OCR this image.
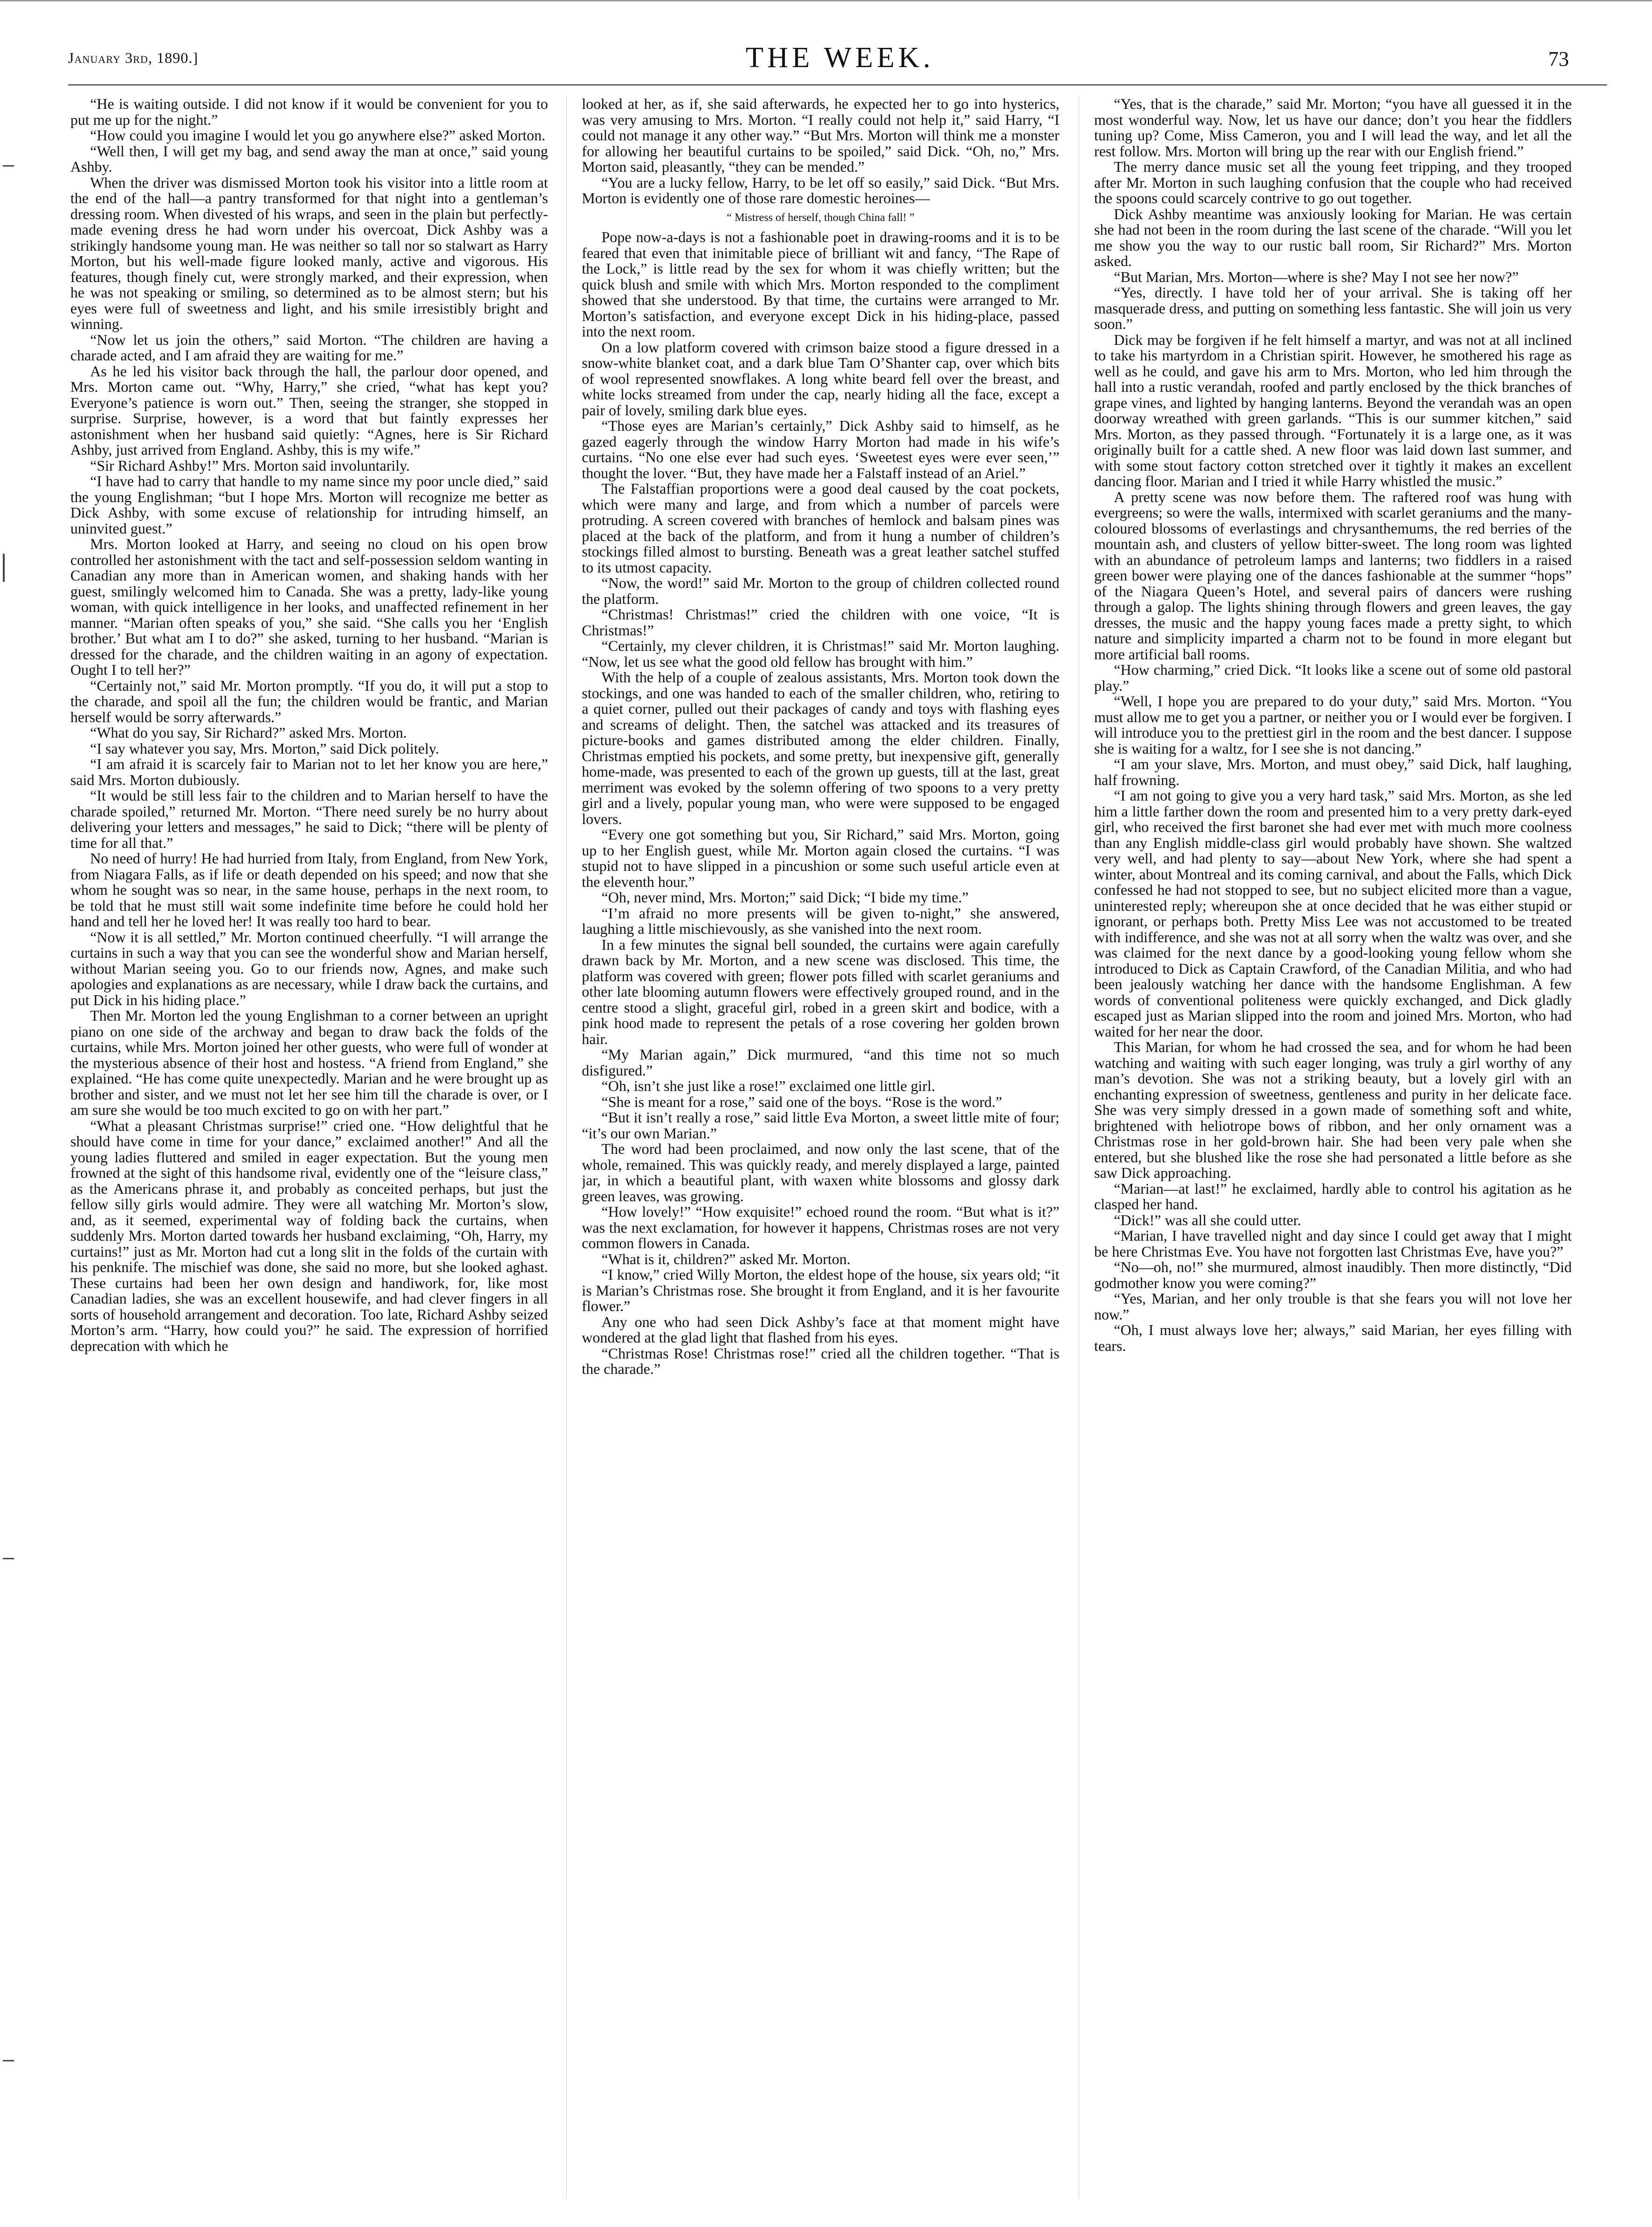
January 3rd, 1890.]	THE WEEK.	73

“He is waiting outside. I did not know if it would be convenient for you to put me up for the night.”

“How could you imagine I would let you go anywhere else?” asked Morton.

“Well then, I will get my bag, and send away the man at once,” said young Ashby.

When the driver was dismissed Morton took his visitor into a little room at the end of the hall—a pantry transformed for that night into a gentleman’s dressing room. When divested of his wraps, and seen in the plain but perfectly-made evening dress he had worn under his overcoat, Dick Ashby was a strikingly handsome young man. He was neither so tall nor so stalwart as Harry Morton, but his well-made figure looked manly, active and vigorous. His features, though finely cut, were strongly marked, and their expression, when he was not speaking or smiling, so determined as to be almost stern; but his eyes were full of sweetness and light, and his smile irresistibly bright and winning.

“Now let us join the others,” said Morton. “The children are having a charade acted, and I am afraid they are waiting for me.”

As he led his visitor back through the hall, the parlour door opened, and Mrs. Morton came out. “Why, Harry,” she cried, “what has kept you? Everyone’s patience is worn out.” Then, seeing the stranger, she stopped in surprise. Surprise, however, is a word that but faintly expresses her astonishment when her husband said quietly: “Agnes, here is Sir Richard Ashby, just arrived from England. Ashby, this is my wife.”

“Sir Richard Ashby!” Mrs. Morton said involuntarily.

“I have had to carry that handle to my name since my poor uncle died,” said the young Englishman; “but I hope Mrs. Morton will recognize me better as Dick Ashby, with some excuse of relationship for intruding himself, an uninvited guest.”

Mrs. Morton looked at Harry, and seeing no cloud on his open brow controlled her astonishment with the tact and self-possession seldom wanting in Canadian any more than in American women, and shaking hands with her guest, smilingly welcomed him to Canada. She was a pretty, lady-like young woman, with quick intelligence in her looks, and unaffected refinement in her manner. “Marian often speaks of you,” she said. “She calls you her ‘English brother.’ But what am I to do?” she asked, turning to her husband. “Marian is dressed for the charade, and the children waiting in an agony of expectation. Ought I to tell her?”

“Certainly not,” said Mr. Morton promptly. “If you do, it will put a stop to the charade, and spoil all the fun; the children would be frantic, and Marian herself would be sorry afterwards.”

“What do you say, Sir Richard?” asked Mrs. Morton.

“I say whatever you say, Mrs. Morton,” said Dick politely.

“I am afraid it is scarcely fair to Marian not to let her know you are here,” said Mrs. Morton dubiously.

“It would be still less fair to the children and to Marian herself to have the charade spoiled,” returned Mr. Morton. “There need surely be no hurry about delivering your letters and messages,” he said to Dick; “there will be plenty of time for all that.”

No need of hurry! He had hurried from Italy, from England, from New York, from Niagara Falls, as if life or death depended on his speed; and now that she whom he sought was so near, in the same house, perhaps in the next room, to be told that he must still wait some indefinite time before he could hold her hand and tell her he loved her! It was really too hard to bear.

“Now it is all settled,” Mr. Morton continued cheerfully. “I will arrange the curtains in such a way that you can see the wonderful show and Marian herself, without Marian seeing you. Go to our friends now, Agnes, and make such apologies and explanations as are necessary, while I draw back the curtains, and put Dick in his hiding place.”

Then Mr. Morton led the young Englishman to a corner between an upright piano on one side of the archway and began to draw back the folds of the curtains, while Mrs. Morton joined her other guests, who were full of wonder at the mysterious absence of their host and hostess. “A friend from England,” she explained. “He has come quite unexpectedly. Marian and he were brought up as brother and sister, and we must not let her see him till the charade is over, or I am sure she would be too much excited to go on with her part.”

“What a pleasant Christmas surprise!” cried one. “How delightful that he should have come in time for your dance,” exclaimed another!” And all the young ladies fluttered and smiled in eager expectation. But the young men frowned at the sight of this handsome rival, evidently one of the “leisure class,” as the Americans phrase it, and probably as conceited perhaps, but just the fellow silly girls would admire. They were all watching Mr. Morton’s slow, and, as it seemed, experimental way of folding back the curtains, when suddenly Mrs. Morton darted towards her husband exclaiming, “Oh, Harry, my curtains!” just as Mr. Morton had cut a long slit in the folds of the curtain with his penknife. The mischief was done, she said no more, but she looked aghast. These curtains had been her own design and handiwork, for, like most Canadian ladies, she was an excellent housewife, and had clever fingers in all sorts of household arrangement and decoration. Too late, Richard Ashby seized Morton’s arm. “Harry, how could you?” he said. The expression of horrified deprecation with which he

looked at her, as if, she said afterwards, he expected her to go into hysterics, was very amusing to Mrs. Morton. “I really could not help it,” said Harry, “I could not manage it any other way.” “But Mrs. Morton will think me a monster for allowing her beautiful curtains to be spoiled,” said Dick. “Oh, no,” Mrs. Morton said, pleasantly, “they can be mended.”

“You are a lucky fellow, Harry, to be let off so easily,” said Dick. “But Mrs. Morton is evidently one of those rare domestic heroines—

“ Mistress of herself, though China fall! ”

Pope now-a-days is not a fashionable poet in drawing-rooms and it is to be feared that even that inimitable piece of brilliant wit and fancy, “The Rape of the Lock,” is little read by the sex for whom it was chiefly written; but the quick blush and smile with which Mrs. Morton responded to the compliment showed that she understood. By that time, the curtains were arranged to Mr. Morton’s satisfaction, and everyone except Dick in his hiding-place, passed into the next room.

On a low platform covered with crimson baize stood a figure dressed in a snow-white blanket coat, and a dark blue Tam O’Shanter cap, over which bits of wool represented snowflakes. A long white beard fell over the breast, and white locks streamed from under the cap, nearly hiding all the face, except a pair of lovely, smiling dark blue eyes.

“Those eyes are Marian’s certainly,” Dick Ashby said to himself, as he gazed eagerly through the window Harry Morton had made in his wife’s curtains. “No one else ever had such eyes. ‘Sweetest eyes were ever seen,’” thought the lover. “But, they have made her a Falstaff instead of an Ariel.”

The Falstaffian proportions were a good deal caused by the coat pockets, which were many and large, and from which a number of parcels were protruding. A screen covered with branches of hemlock and balsam pines was placed at the back of the platform, and from it hung a number of children’s stockings filled almost to bursting. Beneath was a great leather satchel stuffed to its utmost capacity.

“Now, the word!” said Mr. Morton to the group of children collected round the platform.

“Christmas! Christmas!” cried the children with one voice, “It is Christmas!”

“Certainly, my clever children, it is Christmas!” said Mr. Morton laughing. “Now, let us see what the good old fellow has brought with him.”

With the help of a couple of zealous assistants, Mrs. Morton took down the stockings, and one was handed to each of the smaller children, who, retiring to a quiet corner, pulled out their packages of candy and toys with flashing eyes and screams of delight. Then, the satchel was attacked and its treasures of picture-books and games distributed among the elder children. Finally, Christmas emptied his pockets, and some pretty, but inexpensive gift, generally home-made, was presented to each of the grown up guests, till at the last, great merriment was evoked by the solemn offering of two spoons to a very pretty girl and a lively, popular young man, who were were supposed to be engaged lovers.

“Every one got something but you, Sir Richard,” said Mrs. Morton, going up to her English guest, while Mr. Morton again closed the curtains. “I was stupid not to have slipped in a pincushion or some such useful article even at the eleventh hour.”

“Oh, never mind, Mrs. Morton;” said Dick; “I bide my time.”

“I’m afraid no more presents will be given to-night,” she answered, laughing a little mischievously, as she vanished into the next room.

In a few minutes the signal bell sounded, the curtains were again carefully drawn back by Mr. Morton, and a new scene was disclosed. This time, the platform was covered with green; flower pots filled with scarlet geraniums and other late blooming autumn flowers were effectively grouped round, and in the centre stood a slight, graceful girl, robed in a green skirt and bodice, with a pink hood made to represent the petals of a rose covering her golden brown hair.

“My Marian again,” Dick murmured, “and this time not so much disfigured.”

“Oh, isn’t she just like a rose!” exclaimed one little girl.

“She is meant for a rose,” said one of the boys. “Rose is the word.”

“But it isn’t really a rose,” said little Eva Morton, a sweet little mite of four; “it’s our own Marian.”

The word had been proclaimed, and now only the last scene, that of the whole, remained. This was quickly ready, and merely displayed a large, painted jar, in which a beautiful plant, with waxen white blossoms and glossy dark green leaves, was growing.

“How lovely!” “How exquisite!” echoed round the room. “But what is it?” was the next exclamation, for however it happens, Christmas roses are not very common flowers in Canada.

“What is it, children?” asked Mr. Morton.

“I know,” cried Willy Morton, the eldest hope of the house, six years old; “it is Marian’s Christmas rose. She brought it from England, and it is her favourite flower.”

Any one who had seen Dick Ashby’s face at that moment might have wondered at the glad light that flashed from his eyes.

“Christmas Rose! Christmas rose!” cried all the children together. “That is the charade.”

“Yes, that is the charade,” said Mr. Morton; “you have all guessed it in the most wonderful way. Now, let us have our dance; don’t you hear the fiddlers tuning up? Come, Miss Cameron, you and I will lead the way, and let all the rest follow. Mrs. Morton will bring up the rear with our English friend.”

The merry dance music set all the young feet tripping, and they trooped after Mr. Morton in such laughing confusion that the couple who had received the spoons could scarcely contrive to go out together.

Dick Ashby meantime was anxiously looking for Marian. He was certain she had not been in the room during the last scene of the charade. “Will you let me show you the way to our rustic ball room, Sir Richard?” Mrs. Morton asked.

“But Marian, Mrs. Morton—where is she? May I not see her now?”

“Yes, directly. I have told her of your arrival. She is taking off her masquerade dress, and putting on something less fantastic. She will join us very soon.”

Dick may be forgiven if he felt himself a martyr, and was not at all inclined to take his martyrdom in a Christian spirit. However, he smothered his rage as well as he could, and gave his arm to Mrs. Morton, who led him through the hall into a rustic verandah, roofed and partly enclosed by the thick branches of grape vines, and lighted by hanging lanterns. Beyond the verandah was an open doorway wreathed with green garlands. “This is our summer kitchen,” said Mrs. Morton, as they passed through. “Fortunately it is a large one, as it was originally built for a cattle shed. A new floor was laid down last summer, and with some stout factory cotton stretched over it tightly it makes an excellent dancing floor. Marian and I tried it while Harry whistled the music.”

A pretty scene was now before them. The raftered roof was hung with evergreens; so were the walls, intermixed with scarlet geraniums and the many-coloured blossoms of everlastings and chrysanthemums, the red berries of the mountain ash, and clusters of yellow bitter-sweet. The long room was lighted with an abundance of petroleum lamps and lanterns; two fiddlers in a raised green bower were playing one of the dances fashionable at the summer “hops” of the Niagara Queen’s Hotel, and several pairs of dancers were rushing through a galop. The lights shining through flowers and green leaves, the gay dresses, the music and the happy young faces made a pretty sight, to which nature and simplicity imparted a charm not to be found in more elegant but more artificial ball rooms.

“How charming,” cried Dick. “It looks like a scene out of some old pastoral play.”

“Well, I hope you are prepared to do your duty,” said Mrs. Morton. “You must allow me to get you a partner, or neither you or I would ever be forgiven. I will introduce you to the prettiest girl in the room and the best dancer. I suppose she is waiting for a waltz, for I see she is not dancing.”

“I am your slave, Mrs. Morton, and must obey,” said Dick, half laughing, half frowning.

“I am not going to give you a very hard task,” said Mrs. Morton, as she led him a little farther down the room and presented him to a very pretty dark-eyed girl, who received the first baronet she had ever met with much more coolness than any English middle-class girl would probably have shown. She waltzed very well, and had plenty to say—about New York, where she had spent a winter, about Montreal and its coming carnival, and about the Falls, which Dick confessed he had not stopped to see, but no subject elicited more than a vague, uninterested reply; whereupon she at once decided that he was either stupid or ignorant, or perhaps both. Pretty Miss Lee was not accustomed to be treated with indifference, and she was not at all sorry when the waltz was over, and she was claimed for the next dance by a good-looking young fellow whom she introduced to Dick as Captain Crawford, of the Canadian Militia, and who had been jealously watching her dance with the handsome Englishman. A few words of conventional politeness were quickly exchanged, and Dick gladly escaped just as Marian slipped into the room and joined Mrs. Morton, who had waited for her near the door.

This Marian, for whom he had crossed the sea, and for whom he had been watching and waiting with such eager longing, was truly a girl worthy of any man’s devotion. She was not a striking beauty, but a lovely girl with an enchanting expression of sweetness, gentleness and purity in her delicate face. She was very simply dressed in a gown made of something soft and white, brightened with heliotrope bows of ribbon, and her only ornament was a Christmas rose in her gold-brown hair. She had been very pale when she entered, but she blushed like the rose she had personated a little before as she saw Dick approaching.

“Marian—at last!” he exclaimed, hardly able to control his agitation as he clasped her hand.

“Dick!” was all she could utter.

“Marian, I have travelled night and day since I could get away that I might be here Christmas Eve. You have not forgotten last Christmas Eve, have you?”

“No—oh, no!” she murmured, almost inaudibly. Then more distinctly, “Did godmother know you were coming?”

“Yes, Marian, and her only trouble is that she fears you will not love her now.”

“Oh, I must always love her; always,” said Marian, her eyes filling with tears.
